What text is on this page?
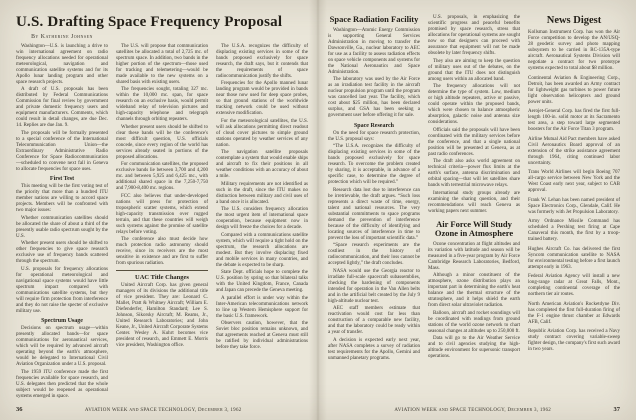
U.S. Drafting Space Frequency Proposal
By Katherine Johnsen

Washington—U.S. is launching a drive to win international agreement on radio frequency allocations needed for operational meteorological, navigation and communication satellite systems and for its Apollo lunar landing program and other space research projects.

A draft of U.S. proposals has been distributed by Federal Communications Commission for final review by government and private domestic frequency users and equipment manufacturers. Comments, which could result in detail changes, are due Dec. 14. Replies are due Jan. 9.

The proposals will be formally presented to a special conference of the International Telecommunication Union—the Extraordinary Administrative Radio Conference for Space Radiocommunication—scheduled to convene next fall in Geneva to allocate frequencies for space uses.

First Test

This meeting will be the first voting test of the priority that more than a hundred ITU member nations are willing to accord space projects. Members will be confronted with two major issues:

Whether communication satellites should be allocated the share of about a third of the presently usable radio spectrum sought by the U.S.

Whether present users should be shifted to other frequencies to give space research exclusive use of frequency bands scattered through the spectrum.

U.S. proposals for frequency allocations for operational meteorological and navigational space systems would have little spectrum impact compared with communications satellite systems, but they will require firm protection from interference and they do not raise the specter of exclusive military use.

Spectrum Usage

Decisions on spectrum usage—within presently allocated bands—for space communications for aeronautical services, which will be required by advanced aircraft operating beyond the earth's atmosphere, would be delegated to International Civil Aviation Organization under a U.S. proposal.

The 1959 ITU conference made the first frequencies available for space research, and U.S. delegates then predicted that the whole subject would be reopened as operational systems emerged in space.

The U.S. will propose that communication satellites be allocated a total of 2,725 mc. of spectrum space. In addition, two bands in the higher portion of the spectrum—those used for tracking and telemetering—would be made available to the new systems on a shared basis with existing users.

The frequencies sought, totaling 327 mc. within the 10,000 mc. span, for space research on an exclusive basis, would permit wideband relay of television pictures and high-capacity telephone and telegraph channels through orbiting repeaters.

Whether present users should be shifted to clear these bands will be the conference's most difficult question, U.S. officials concede, since every region of the world has services already seated in portions of the proposed allocations.

For communication satellites, the proposed exclusive bands lie between 3,700 and 4,200 mc. and between 5,925 and 6,425 mc., with additional shared space in the 7,250-7,750 and 7,900-8,400 mc. regions.

FCC also believes that under-developed nations will press for protection of tropospheric scatter systems, which extend high-capacity transmission over rugged terrain, and that these countries will weigh such systems against the promise of satellite relays before voting.

The conference also must decide how much protection radio astronomy should receive, since its receivers are the most sensitive in existence and are first to suffer from spurious radiation.

UAC Title Changes

United Aircraft Corp. has given general managers of its divisions the additional title of vice president. They are: Leonard C. Mallet, Pratt & Whitney Aircraft; William E. Diefenderfer, Hamilton Standard; Lee S. Johnson, Sikorsky Aircraft; M. Reams, Jr., United Research Laboratories; and John Keane, Jr., United Aircraft Corporate Systems Center. Wesley A. Kuhrt becomes vice president of research, and Emmett E. Morris vice president, Washington office.

The U.S.A. recognizes the difficulty of displacing existing services in some of the bands proposed exclusively for space research, the draft says, but it contends that the requirements of space radiocommunication justify the shifts.

Frequencies for the Apollo manned lunar landing program would be provided in bands near those now used for deep space probes, so that ground stations of the worldwide tracking network could be used without extensive modification.

For the meteorological satellites, the U.S. will ask allocations permitting direct readout of cloud cover pictures to simple ground stations operated by weather services of any nation.

The navigation satellite proposals contemplate a system that would enable ships and aircraft to fix their positions in all weather conditions with an accuracy of about a mile.

Military requirements are not identified as such in the draft, since the ITU makes no distinction between military and civil uses of a band once it is allocated.

The U.S. considers frequency allocation the most urgent item of international space cooperation, because equipment now in design will freeze the choices for a decade.

Compared with a communications satellite system, which will require a tight hold on the spectrum, the research allocations are modest. But they involve displacing fixed and mobile services in many countries, and the debate is expected to be sharp.

State Dept. officials hope to complete the U.S. position by spring so that bilateral talks with the United Kingdom, France, Canada and Japan can precede the Geneva meeting.

A parallel effort is under way within the Inter-American telecommunications network to line up Western Hemisphere support for the basic U.S. framework.

Observers caution, however, that the Soviet bloc position remains unknown, and that agreements reached at Geneva must still be ratified by individual administrations before they take force.

36	AVIATION WEEK and SPACE TECHNOLOGY, December 3, 1962
Space Radiation Facility

Washington—Atomic Energy Commission is supporting General Services Administration in moving to transfer the Dawsonville, Ga., nuclear laboratory to AEC for use as a facility to assess radiation effects on space vehicle components and systems for the National Aeronautics and Space Administration.

The laboratory was used by the Air Force as an irradiation test facility in the aircraft nuclear propulsion program until the program was cancelled last year. The facility, which cost about $25 million, has been declared surplus, and GSA has been seeking a government user before offering it for sale.

Space Research

On the need for space research protection, the U.S. proposal says:

“The U.S.A. recognizes the difficulty of displacing existing services in some of the bands proposed exclusively for space research. To overcome the problem created by sharing, it is acceptable, in advance of a specific case, to determine the degree of protection which will be required.”

Research data lost due to interference can be irretrievable, the draft argues. “Such loss represents a direct waste of time, energy, talent and national resources. The very substantial commitments to space programs demand the prevention of interference because of the difficulty of identifying and locating sources of interference in time to prevent the loss of important scientific data.”

“Space research experiments are the costliest in the history of radiocommunication, and their loss cannot be accepted lightly,” the draft concludes.

NASA would use the Georgia reactor to irradiate full-scale spacecraft subassemblies, checking the hardening of components intended for operation in the Van Allen belts and in the artificial belt created by the July 9 high-altitude nuclear test.

AEC staff members estimate that reactivation would cost far less than construction of a comparable new facility, and that the laboratory could be ready within a year of transfer.

A decision is expected early next year, after NASA completes a survey of radiation test requirements for the Apollo, Gemini and unmanned planetary programs.

U.S. proposals, in emphasizing the scientific progress and peaceful benefits promised by space research, stress that allocations for operational systems are sought now so that designers can proceed with assurance that equipment will not be made obsolete by later frequency shifts.

They also are aiming to keep the question of military uses out of the debates, on the ground that the ITU does not distinguish among users within an allocated band.

The frequency allocations will not determine the type of system. Low, medium or high altitude repeaters, active or passive, could operate within the proposed bands, which were chosen to balance atmospheric absorption, galactic noise and antenna size considerations.

Officials said the proposals will have been coordinated with the military services before the conference, and that a single national position will be presented at Geneva, as at past radio conferences.

The draft also asks world agreement on technical criteria—power flux limits at the earth's surface, antenna discrimination and orbital spacing—that will let satellites share bands with terrestrial microwave relays.

International study groups already are examining the sharing question, and their recommendations will reach Geneva as working papers next summer.

Air Force Will Study
Ozone in Atmosphere

Ozone concentration at flight altitudes and its variation with latitude and season will be measured in a five-year program by Air Force Cambridge Research Laboratories, Bedford, Mass.

Although a minor constituent of the atmosphere, ozone distribution plays an important part in determining the earth's heat balance and the thermal structure of the stratosphere, and it helps shield the earth from direct solar ultraviolet radiation.

Balloon, aircraft and rocket soundings will be coordinated with readings from ground stations of the world ozone network to chart seasonal changes at altitudes up to 250,000 ft.

Data will go to the Air Weather Service and to civil agencies studying the high-altitude environment for supersonic transport operations.

News Digest

Kollsman Instrument Corp. has won the Air Force competition to develop the AN/USQ-28 geodetic survey and photo mapping subsystem to be carried in RC-135A-type aircraft. Aeronautical Systems Division will negotiate a contract for two prototype systems expected to total about $8 million.

Continental Aviation & Engineering Corp., Detroit, has been awarded an Army contract for lightweight gas turbines to power future light observation helicopters and ground power units.

Aerojet-General Corp. has fired the first full-length 100-in. solid motor at its Sacramento test area, a step toward large segmented boosters for the Air Force Titan 3 program.

Airline Mutual Aid Pact members have asked Civil Aeronautics Board approval of an extension of the strike assistance agreement through 1964, citing continued labor uncertainty.

Trans World Airlines will begin Boeing 707 all-cargo service between New York and the West Coast early next year, subject to CAB approval.

Frank W. Lehan has been named president of Space Electronics Corp., Glendale, Calif. He was formerly with Jet Propulsion Laboratory.

Army Ordnance Missile Command has scheduled a Pershing test firing at Cape Canaveral this month, the first by a troop-trained battery.

Hughes Aircraft Co. has delivered the first Syncom communication satellite to NASA for environmental testing before a first launch attempt early in 1963.

Federal Aviation Agency will install a new long-range radar at Great Falls, Mont., completing continental coverage of the northern tier air routes.

North American Aviation's Rocketdyne Div. has completed the first full-duration firing of the F-1 engine thrust chamber at Edwards AFB, Calif.

Republic Aviation Corp. has received a Navy study contract covering variable-sweep fighter design, the company's first such award in two years.

AVIATION WEEK and SPACE TECHNOLOGY, December 3, 1962	37
